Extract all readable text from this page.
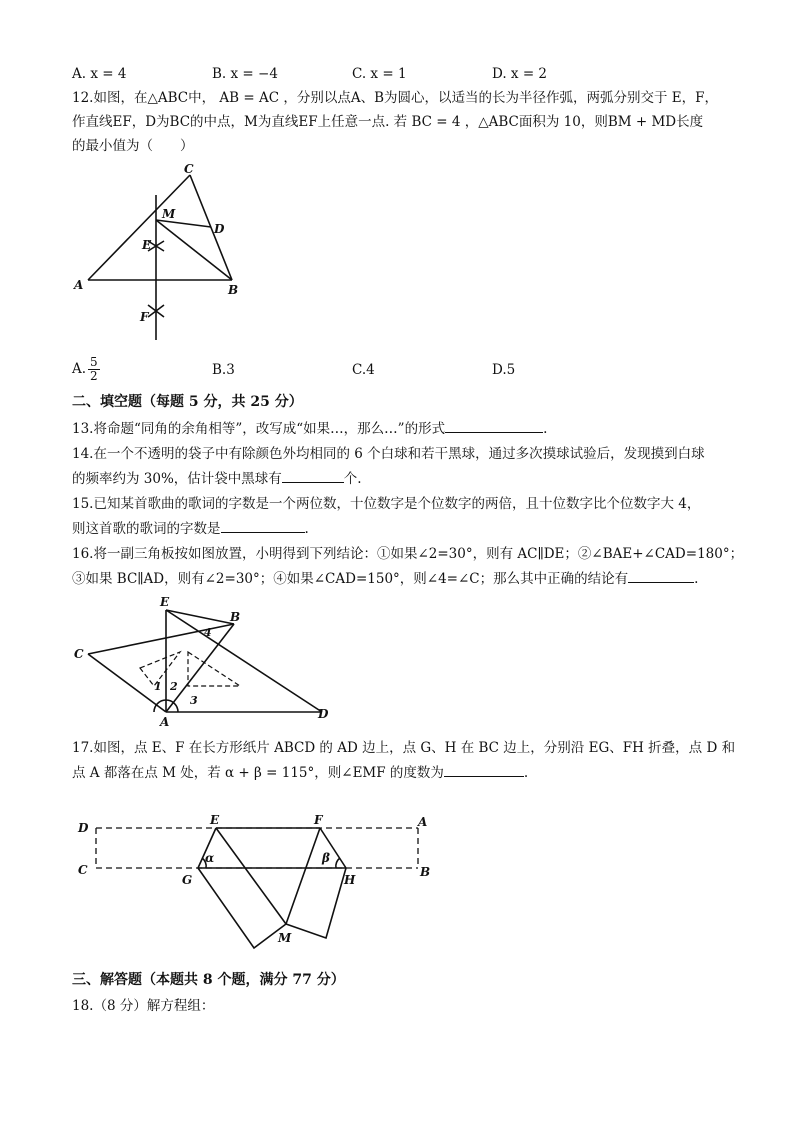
A. x = 4	B. x = −4	C. x = 1	D. x = 2
12.如图，在△ABC中， AB = AC ，分别以点A、B为圆心，以适当的长为半径作弧，两弧分别交于 E，F，
作直线EF，D为BC的中点，M为直线EF上任意一点. 若 BC = 4 ，△ABC面积为 10，则BM + MD长度
的最小值为（　　）
A	B
C
D
E
F
M
A. $\frac{5}{2}$	B.3	C.4	D.5
二、填空题（每题 5 分，共 25 分）
13.将命题“同角的余角相等”，改写成“如果…，那么…”的形式	.
14.在一个不透明的袋子中有除颜色外均相同的 6 个白球和若干黑球，通过多次摸球试验后，发现摸到白球
的频率约为 30%，估计袋中黑球有	个.
15.已知某首歌曲的歌词的字数是一个两位数，十位数字是个位数字的两倍，且十位数字比个位数字大 4，
则这首歌的歌词的字数是	.
16.将一副三角板按如图放置，小明得到下列结论：①如果∠2=30°，则有 AC∥DE；②∠BAE+∠CAD=180°；
③如果 BC∥AD，则有∠2=30°；④如果∠CAD=150°，则∠4=∠C；那么其中正确的结论有	.
E
B
C
A
D
1 2
3
4
17.如图，点 E、F 在长方形纸片 ABCD 的 AD 边上，点 G、H 在 BC 边上，分别沿 EG、FH 折叠，点 D 和
点 A 都落在点 M 处，若 α + β = 115°，则∠EMF 的度数为	.
D
C
A
B
E	F
G	H
M
α	β
三、解答题（本题共 8 个题，满分 77 分）
18.（8 分）解方程组：
